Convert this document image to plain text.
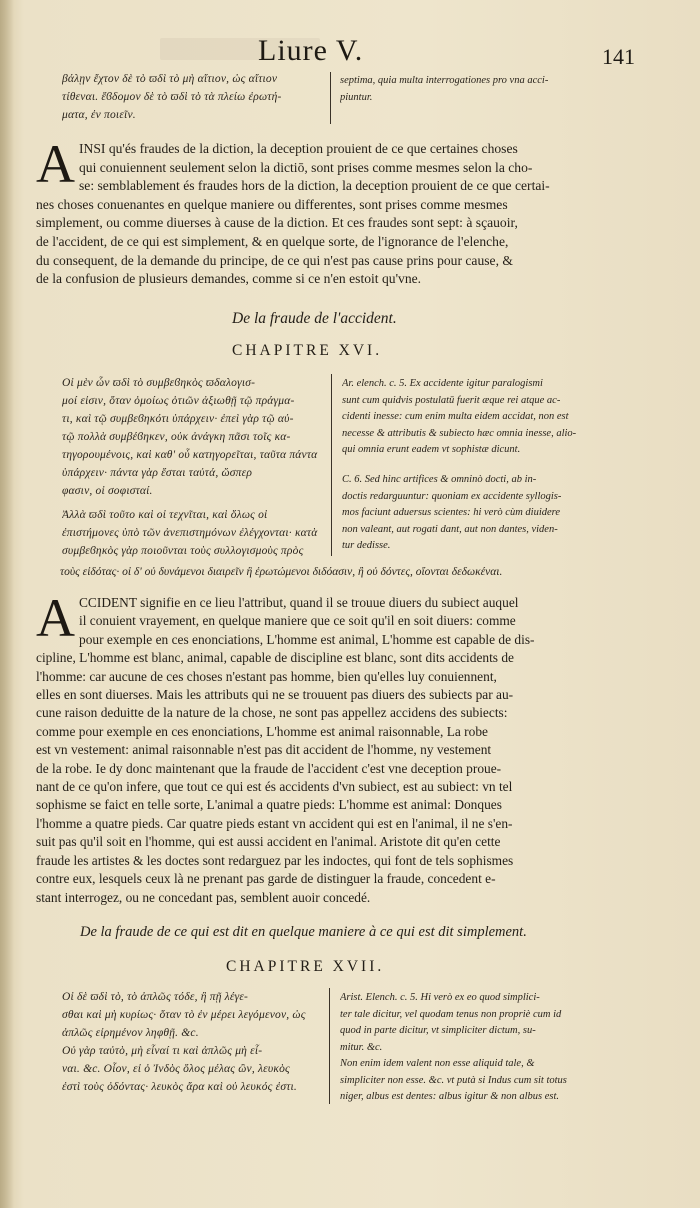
Liure V.	141
βάλῃν ἔχτον δὲ τὸ ϖδὶ τὸ μὴ αἴτιον, ὡς αἴτιον
τίθεναι. ἕϐδομον δὲ τὸ ϖδὶ τὸ τὰ πλείω ἐρωτή-
ματα, ἐν ποιεῖν.
septima, quia multa interrogationes pro vna acci-
piuntur.
A INSI qu'és fraudes de la diction, la deception prouient de ce que certaines choses
qui conuiennent seulement selon la dictiō, sont prises comme mesmes selon la cho-
se: semblablement és fraudes hors de la diction, la deception prouient de ce que certai-
nes choses conuenantes en quelque maniere ou differentes, sont prises comme mesmes
simplement, ou comme diuerses à cause de la diction. Et ces fraudes sont sept: à sçauoir,
de l'accident, de ce qui est simplement, & en quelque sorte, de l'ignorance de l'elenche,
du consequent, de la demande du principe, de ce qui n'est pas cause prins pour cause, &
de la confusion de plusieurs demandes, comme si ce n'en estoit qu'vne.
De la fraude de l'accident.
CHAPITRE XVI.
Οἱ μὲν ὦν ϖδὶ τὸ συμβεϐηκὸς ϖδαλογισ-
μοί εἰσιν, ὅταν ὁμοίως ὁτιῶν ἀξιωθῇ τῷ πράγμα-
τι, καὶ τῷ συμβεϐηκότι ὑπάρχειν· ἐπεὶ γὰρ τῷ αὐ-
τῷ πολλὰ συμβέϐηκεν, οὐκ ἀνάγκη πᾶσι τοῖς κα-
τηγορουμένοις, καὶ καθ' οὗ κατηγορεῖται, ταῦτα πάντα
ὑπάρχειν· πάντα γὰρ ἔσται ταὐτά, ὥσπερ
φασιν, οἱ σοφισταί.
Ἀλλὰ ϖδὶ τοῦτο καὶ οἱ τεχνῖται, καὶ ὅλως οἱ
ἐπιστήμονες ὑπὸ τῶν ἀνεπιστημόνων ἐλέγχονται· κατὰ
συμβεϐηκὸς γὰρ ποιοῦνται τοὺς συλλογισμοὺς πρὸς
Ar. elench. c. 5. Ex accidente igitur paralogismi
sunt cum quidvis postulatū fuerit æque rei atque ac-
cidenti inesse: cum enim multa eidem accidat, non est
necesse & attributis & subiecto hæc omnia inesse, alio-
qui omnia erunt eadem vt sophistæ dicunt.
C. 6. Sed hinc artifices & omninò docti, ab in-
doctis redarguuntur: quoniam ex accidente syllogis-
mos faciunt aduersus scientes: hi verò cùm diuidere
non valeant, aut rogati dant, aut non dantes, viden-
tur dedisse.
τοὺς εἰδότας· οἱ δ' οὐ δυνάμενοι διαιρεῖν ἢ ἐρωτώμενοι διδόασιν, ἢ οὐ δόντες, οἴονται δεδωκέναι.
A CCIDENT signifie en ce lieu l'attribut, quand il se trouue diuers du subiect auquel
il conuient vrayement, en quelque maniere que ce soit qu'il en soit diuers: comme
pour exemple en ces enonciations, L'homme est animal, L'homme est capable de dis-
cipline, L'homme est blanc, animal, capable de discipline est blanc, sont dits accidents de
l'homme: car aucune de ces choses n'estant pas homme, bien qu'elles luy conuiennent,
elles en sont diuerses. Mais les attributs qui ne se trouuent pas diuers des subiects par au-
cune raison deduitte de la nature de la chose, ne sont pas appellez accidens des subiects:
comme pour exemple en ces enonciations, L'homme est animal raisonnable, La robe
est vn vestement: animal raisonnable n'est pas dit accident de l'homme, ny vestement
de la robe. Ie dy donc maintenant que la fraude de l'accident c'est vne deception proue-
nant de ce qu'on infere, que tout ce qui est és accidents d'vn subiect, est au subiect: vn tel
sophisme se faict en telle sorte, L'animal a quatre pieds: L'homme est animal: Donques
l'homme a quatre pieds. Car quatre pieds estant vn accident qui est en l'animal, il ne s'en-
suit pas qu'il soit en l'homme, qui est aussi accident en l'animal. Aristote dit qu'en cette
fraude les artistes & les doctes sont redarguez par les indoctes, qui font de tels sophismes
contre eux, lesquels ceux là ne prenant pas garde de distinguer la fraude, concedent e-
stant interrogez, ou ne concedant pas, semblent auoir concedé.
De la fraude de ce qui est dit en quelque maniere à ce qui est dit simplement.
CHAPITRE XVII.
Οἱ δὲ ϖδὶ τὸ, τὸ ἁπλῶς τόδε, ἢ πῇ λέγε-
σθαι καὶ μὴ κυρίως· ὅταν τὸ ἐν μέρει λεγόμενον, ὡς
ἁπλῶς εἰρημένον ληφθῇ. &c.
Οὐ γὰρ ταὐτὸ, μὴ εἶναί τι καὶ ἁπλῶς μὴ εἶ-
ναι. &c. Οἷον, εἰ ὁ Ἰνδὸς ὅλος μέλας ὢν, λευκὸς
ἐστὶ τοὺς ὀδόντας· λευκὸς ἄρα καὶ οὐ λευκός ἐστι.
Arist. Elench. c. 5. Hi verò ex eo quod simplici-
ter tale dicitur, vel quodam tenus non propriè cum id
quod in parte dicitur, vt simpliciter dictum, su-
mitur. &c.
Non enim idem valent non esse aliquid tale, &
simpliciter non esse. &c. vt putà si Indus cum sit totus
niger, albus est dentes: albus igitur & non albus est.
